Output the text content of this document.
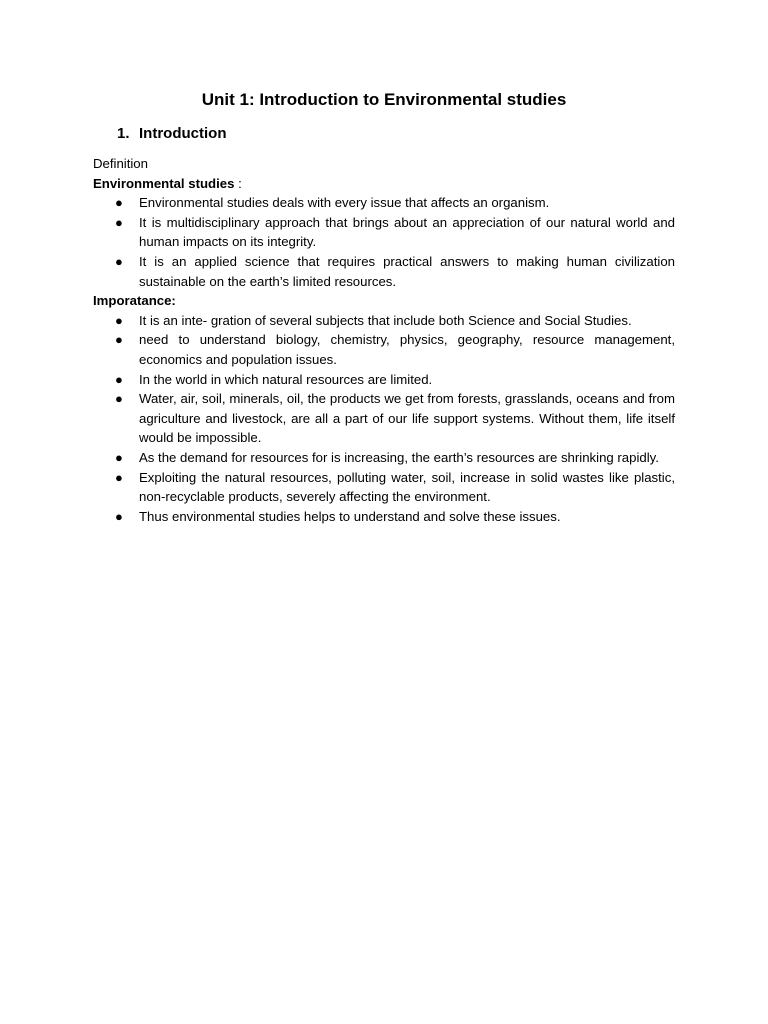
Unit 1: Introduction to Environmental studies
1. Introduction

Definition

Environmental studies :

● Environmental studies deals with every issue that affects an organism.
● It is multidisciplinary approach that brings about an appreciation of our natural world and human impacts on its integrity.
● It is an applied science that requires practical answers to making human civilization sustainable on the earth’s limited resources.

Imporatance:

● It is an inte- gration of several subjects that include both Science and Social Studies.
● need to understand biology, chemistry, physics, geography, resource management, economics and population issues.
● In the world in which natural resources are limited.
● Water, air, soil, minerals, oil, the products we get from forests, grasslands, oceans and from agriculture and livestock, are all a part of our life support systems. Without them, life itself would be impossible.
● As the demand for resources for is increasing, the earth’s resources are shrinking rapidly.
● Exploiting the natural resources, polluting water, soil, increase in solid wastes like plastic, non-recyclable products, severely affecting the environment.
● Thus environmental studies helps to understand and solve these issues.
